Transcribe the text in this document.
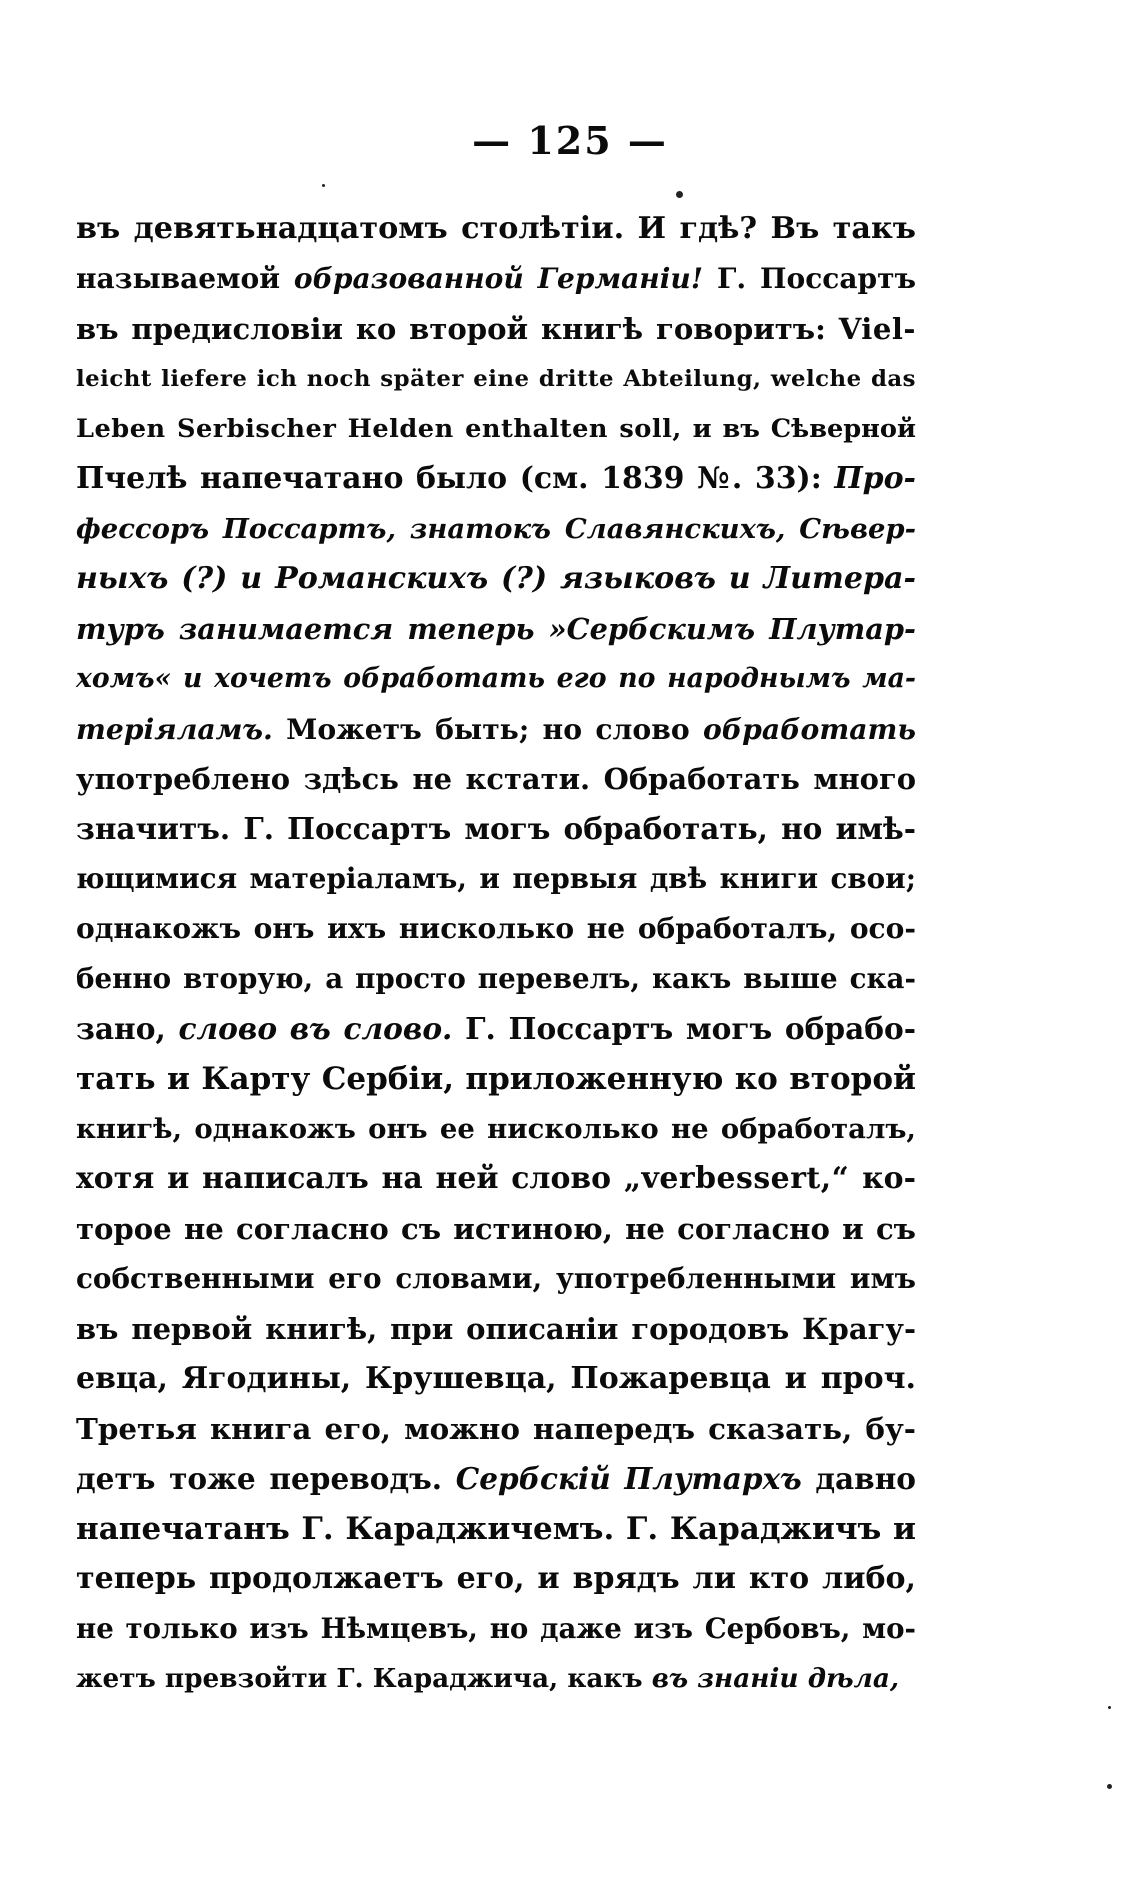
— 125 —
въ девятьнадцатомъ столѣтіи. И гдѣ? Въ такъ
называемой образованной Германіи! Г. Поссартъ
въ предисловіи ко второй книгѣ говоритъ: Viel-
leicht liefere ich noch später eine dritte Abteilung, welche das
Leben Serbischer Helden enthalten soll, и въ Сѣверной
Пчелѣ напечатано было (см. 1839 №. 33): Про-
фессоръ Поссартъ, знатокъ Славянскихъ, Сѣвер-
ныхъ (?) и Романскихъ (?) языковъ и Литера-
туръ занимается теперь »Сербскимъ Плутар-
хомъ« и хочетъ обработать его по народнымъ ма-
теріяламъ. Можетъ быть; но слово обработать
употреблено здѣсь не кстати. Обработать много
значитъ. Г. Поссартъ могъ обработать, но имѣ-
ющимися матеріаламъ, и первыя двѣ книги свои;
однакожъ онъ ихъ нисколько не обработалъ, осо-
бенно вторую, а просто перевелъ, какъ выше ска-
зано, слово въ слово. Г. Поссартъ могъ обрабо-
тать и Карту Сербіи, приложенную ко второй
книгѣ, однакожъ онъ ее нисколько не обработалъ,
хотя и написалъ на ней слово „verbessert,“ ко-
торое не согласно съ истиною, не согласно и съ
собственными его словами, употребленными имъ
въ первой книгѣ, при описаніи городовъ Крагу-
евца, Ягодины, Крушевца, Пожаревца и проч.
Третья книга его, можно напередъ сказать, бу-
детъ тоже переводъ. Сербскій Плутархъ давно
напечатанъ Г. Караджичемъ. Г. Караджичъ и
теперь продолжаетъ его, и врядъ ли кто либо,
не только изъ Нѣмцевъ, но даже изъ Сербовъ, мо-
жетъ превзойти Г. Караджича, какъ въ знаніи дѣла,
